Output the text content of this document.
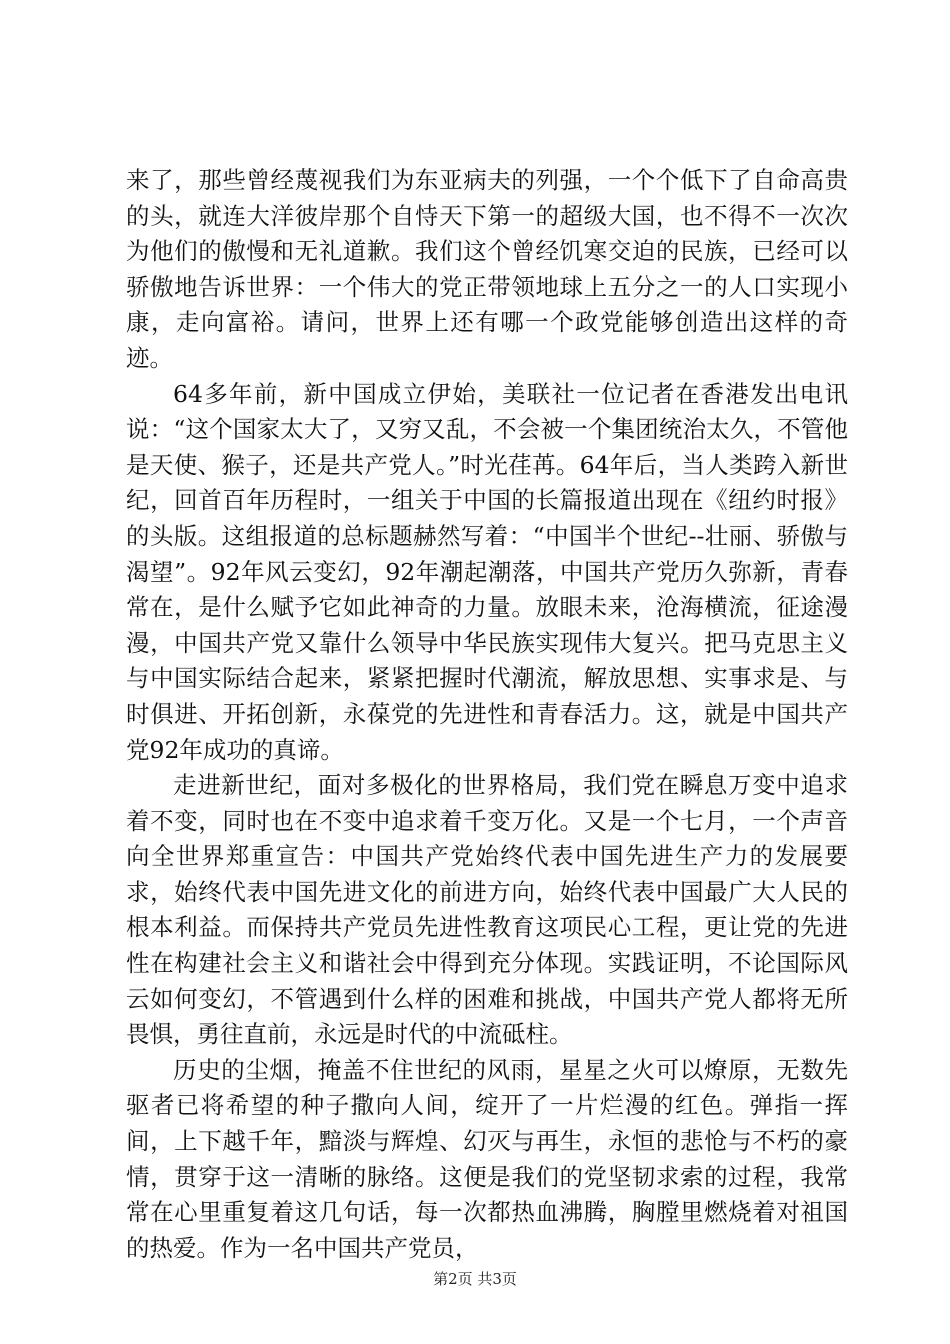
来了，那些曾经蔑视我们为东亚病夫的列强，一个个低下了自命高贵的头，就连大洋彼岸那个自恃天下第一的超级大国，也不得不一次次为他们的傲慢和无礼道歉。我们这个曾经饥寒交迫的民族，已经可以骄傲地告诉世界：一个伟大的党正带领地球上五分之一的人口实现小康，走向富裕。请问，世界上还有哪一个政党能够创造出这样的奇迹。

64多年前，新中国成立伊始，美联社一位记者在香港发出电讯说：“这个国家太大了，又穷又乱，不会被一个集团统治太久，不管他是天使、猴子，还是共产党人。”时光荏苒。64年后，当人类跨入新世纪，回首百年历程时，一组关于中国的长篇报道出现在《纽约时报》的头版。这组报道的总标题赫然写着：“中国半个世纪--壮丽、骄傲与渴望”。92年风云变幻，92年潮起潮落，中国共产党历久弥新，青春常在，是什么赋予它如此神奇的力量。放眼未来，沧海横流，征途漫漫，中国共产党又靠什么领导中华民族实现伟大复兴。把马克思主义与中国实际结合起来，紧紧把握时代潮流，解放思想、实事求是、与时俱进、开拓创新，永葆党的先进性和青春活力。这，就是中国共产党92年成功的真谛。

走进新世纪，面对多极化的世界格局，我们党在瞬息万变中追求着不变，同时也在不变中追求着千变万化。又是一个七月，一个声音向全世界郑重宣告：中国共产党始终代表中国先进生产力的发展要求，始终代表中国先进文化的前进方向，始终代表中国最广大人民的根本利益。而保持共产党员先进性教育这项民心工程，更让党的先进性在构建社会主义和谐社会中得到充分体现。实践证明，不论国际风云如何变幻，不管遇到什么样的困难和挑战，中国共产党人都将无所畏惧，勇往直前，永远是时代的中流砥柱。

历史的尘烟，掩盖不住世纪的风雨，星星之火可以燎原，无数先驱者已将希望的种子撒向人间，绽开了一片烂漫的红色。弹指一挥间，上下越千年，黯淡与辉煌、幻灭与再生，永恒的悲怆与不朽的豪情，贯穿于这一清晰的脉络。这便是我们的党坚韧求索的过程，我常常在心里重复着这几句话，每一次都热血沸腾，胸膛里燃烧着对祖国的热爱。作为一名中国共产党员，

第2页 共3页
